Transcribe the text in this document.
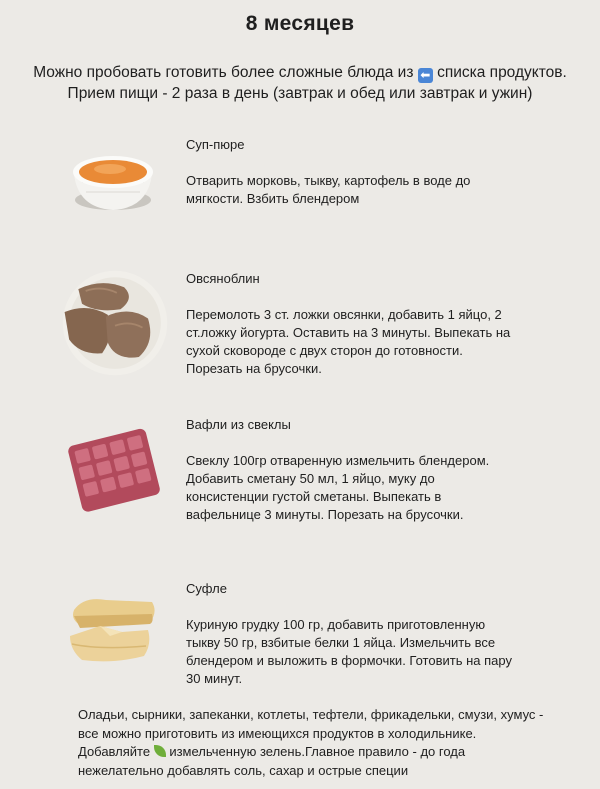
8 месяцев
Можно пробовать готовить более сложные блюда из ⬅ списка продуктов.
Прием пищи - 2 раза в день (завтрак и обед или завтрак и ужин)

Суп-пюре

Отварить морковь, тыкву, картофель в воде до мягкости. Взбить блендером

Овсяноблин

Перемолоть 3 ст. ложки овсянки, добавить 1 яйцо, 2 ст.ложку йогурта. Оставить на 3 минуты. Выпекать на сухой сковороде с двух сторон до готовности. Порезать на брусочки.

Вафли из свеклы

Свеклу 100гр отваренную измельчить блендером. Добавить сметану 50 мл, 1 яйцо, муку до консистенции густой сметаны. Выпекать в вафельнице 3 минуты. Порезать на брусочки.

Суфле

Куриную грудку 100 гр, добавить приготовленную тыкву 50 гр, взбитые белки 1 яйца. Измельчить все блендером и выложить в формочки. Готовить на пару 30 минут.

Оладьи, сырники, запеканки, котлеты, тефтели, фрикадельки, смузи, хумус - все можно приготовить из имеющихся продуктов в холодильнике. Добавляйте  измельченную зелень.Главное правило - до года нежелательно добавлять соль, сахар и острые специи
